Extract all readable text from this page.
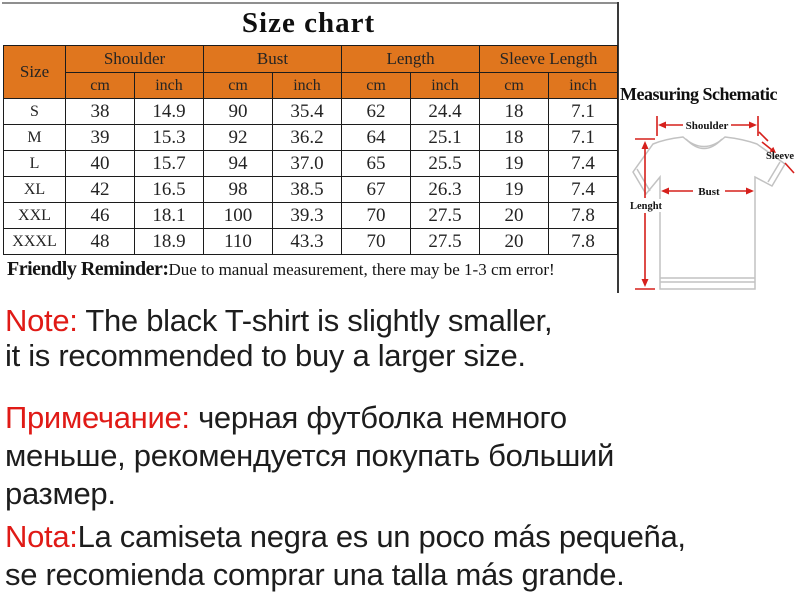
Size chart
Size	Shoulder		Bust		Length		Sleeve Length	
	cm	inch	cm	inch	cm	inch	cm	inch
S	38	14.9	90	35.4	62	24.4	18	7.1
M	39	15.3	92	36.2	64	25.1	18	7.1
L	40	15.7	94	37.0	65	25.5	19	7.4
XL	42	16.5	98	38.5	67	26.3	19	7.4
XXL	46	18.1	100	39.3	70	27.5	20	7.8
XXXL	48	18.9	110	43.3	70	27.5	20	7.8
Friendly Reminder:Due to manual measurement, there may be 1-3 cm error!
Measuring Schematic
Shoulder
Sleeve
Bust
Lenght
Note: The black T-shirt is slightly smaller,
it is recommended to buy a larger size.
Примечание: черная футболка немного
меньше, рекомендуется покупать больший
размер.
Nota:La camiseta negra es un poco más pequeña,
se recomienda comprar una talla más grande.
